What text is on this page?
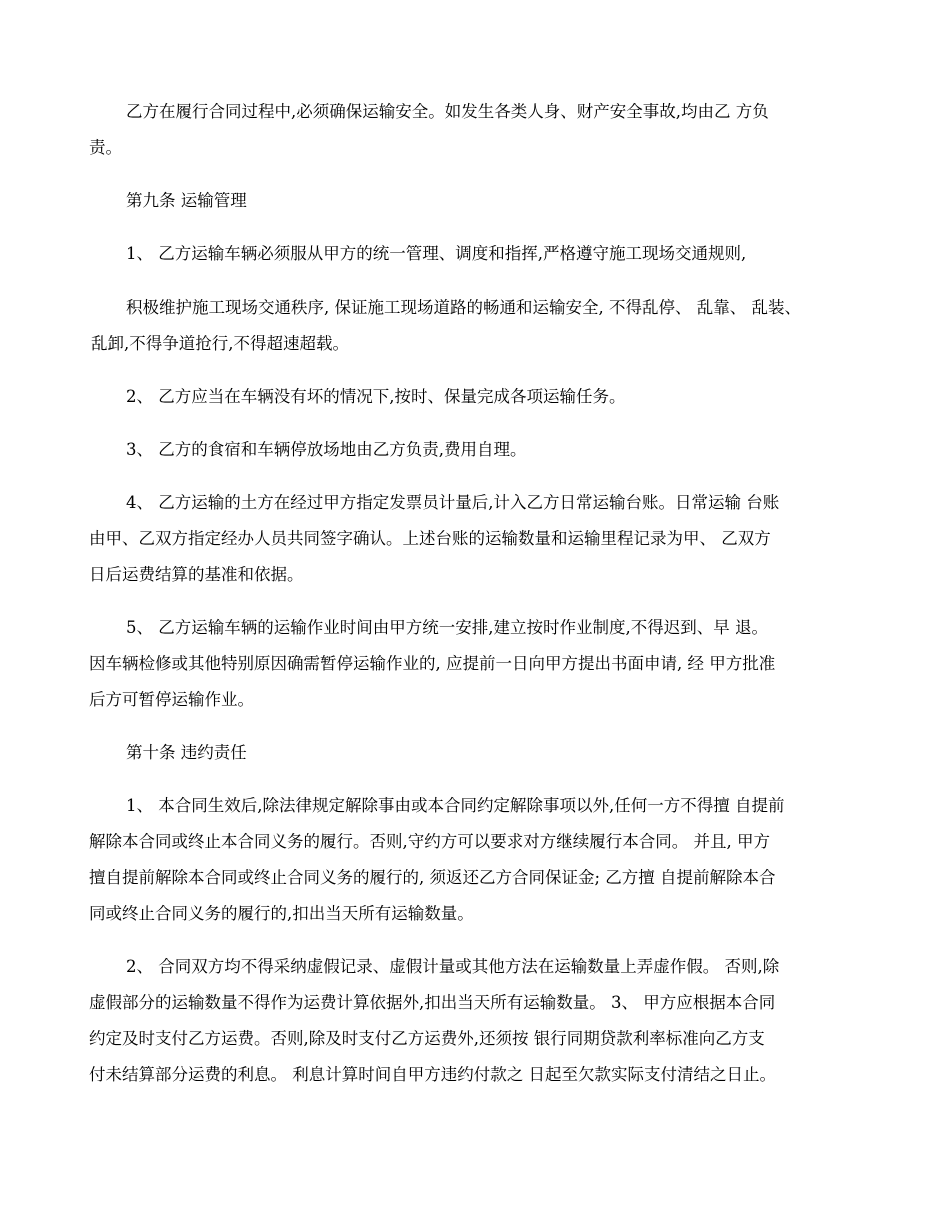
乙方在履行合同过程中,必须确保运输安全。如发生各类人身、财产安全事故,均由乙 方负
责。
第九条 运输管理
1、 乙方运输车辆必须服从甲方的统一管理、调度和指挥,严格遵守施工现场交通规则,
积极维护施工现场交通秩序, 保证施工现场道路的畅通和运输安全, 不得乱停、 乱靠、 乱装、
乱卸,不得争道抢行,不得超速超载。
2、 乙方应当在车辆没有坏的情况下,按时、保量完成各项运输任务。
3、 乙方的食宿和车辆停放场地由乙方负责,费用自理。
4、 乙方运输的土方在经过甲方指定发票员计量后,计入乙方日常运输台账。日常运输 台账
由甲、乙双方指定经办人员共同签字确认。上述台账的运输数量和运输里程记录为甲、 乙双方
日后运费结算的基准和依据。
5、 乙方运输车辆的运输作业时间由甲方统一安排,建立按时作业制度,不得迟到、早 退。
因车辆检修或其他特别原因确需暂停运输作业的, 应提前一日向甲方提出书面申请, 经 甲方批准
后方可暂停运输作业。
第十条 违约责任
1、 本合同生效后,除法律规定解除事由或本合同约定解除事项以外,任何一方不得擅 自提前
解除本合同或终止本合同义务的履行。否则,守约方可以要求对方继续履行本合同。 并且, 甲方
擅自提前解除本合同或终止合同义务的履行的, 须返还乙方合同保证金; 乙方擅 自提前解除本合
同或终止合同义务的履行的,扣出当天所有运输数量。
2、 合同双方均不得采纳虚假记录、虚假计量或其他方法在运输数量上弄虚作假。 否则,除
虚假部分的运输数量不得作为运费计算依据外,扣出当天所有运输数量。 3、 甲方应根据本合同
约定及时支付乙方运费。否则,除及时支付乙方运费外,还须按 银行同期贷款利率标准向乙方支
付未结算部分运费的利息。 利息计算时间自甲方违约付款之 日起至欠款实际支付清结之日止。
